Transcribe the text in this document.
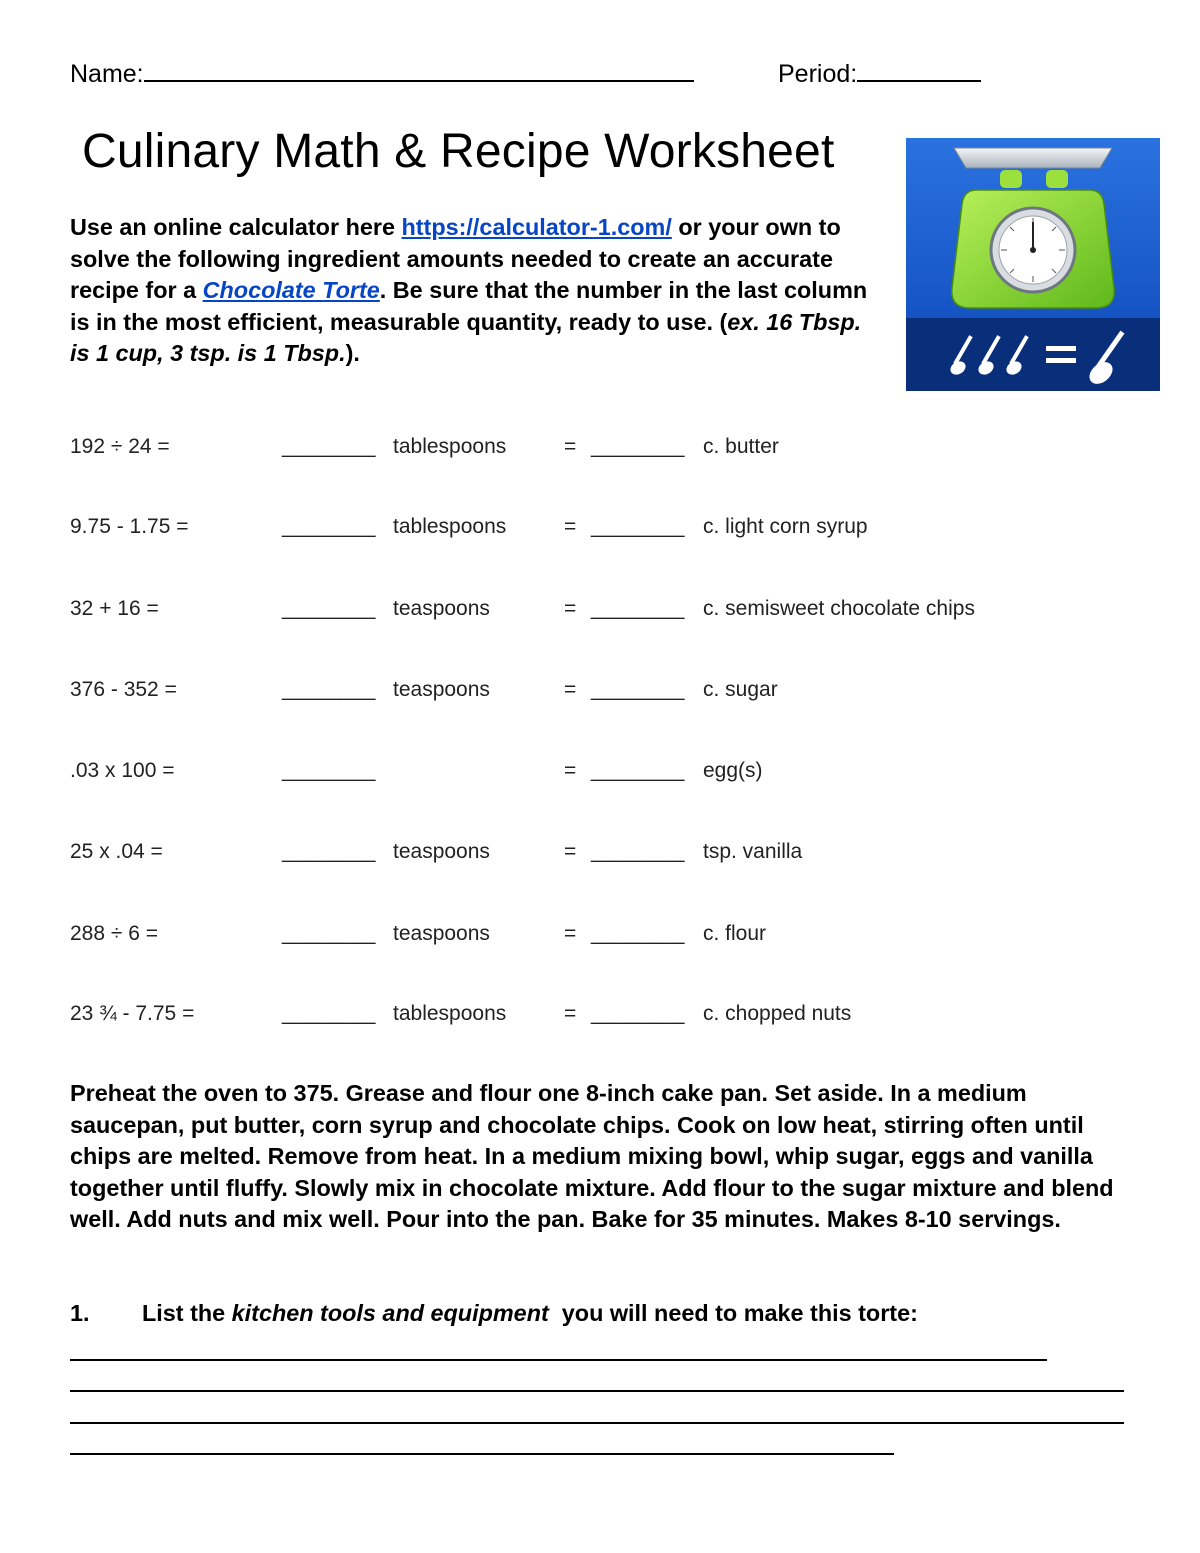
Name:	Period:
Culinary Math & Recipe Worksheet

Use an online calculator here https://calculator-1.com/ or your own to solve the following ingredient amounts needed to create an accurate recipe for a Chocolate Torte. Be sure that the number in the last column is in the most efficient, measurable quantity, ready to use. (ex. 16 Tbsp. is 1 cup, 3 tsp. is 1 Tbsp.).

192 ÷ 24 =	________ tablespoons	= ________ c. butter
9.75 - 1.75 =	________ tablespoons	= ________ c. light corn syrup
32 + 16 =	________ teaspoons	= ________ c. semisweet chocolate chips
376 - 352 =	________ teaspoons	= ________ c. sugar
.03 x 100 =	________	= ________ egg(s)
25 x .04 =	________ teaspoons	= ________ tsp. vanilla
288 ÷ 6 =	________ teaspoons	= ________ c. flour
23 ¾ - 7.75 =	________ tablespoons	= ________ c. chopped nuts

Preheat the oven to 375. Grease and flour one 8-inch cake pan. Set aside. In a medium saucepan, put butter, corn syrup and chocolate chips. Cook on low heat, stirring often until chips are melted. Remove from heat. In a medium mixing bowl, whip sugar, eggs and vanilla together until fluffy. Slowly mix in chocolate mixture. Add flour to the sugar mixture and blend well. Add nuts and mix well. Pour into the pan. Bake for 35 minutes. Makes 8-10 servings.

1. List the kitchen tools and equipment  you will need to make this torte:
